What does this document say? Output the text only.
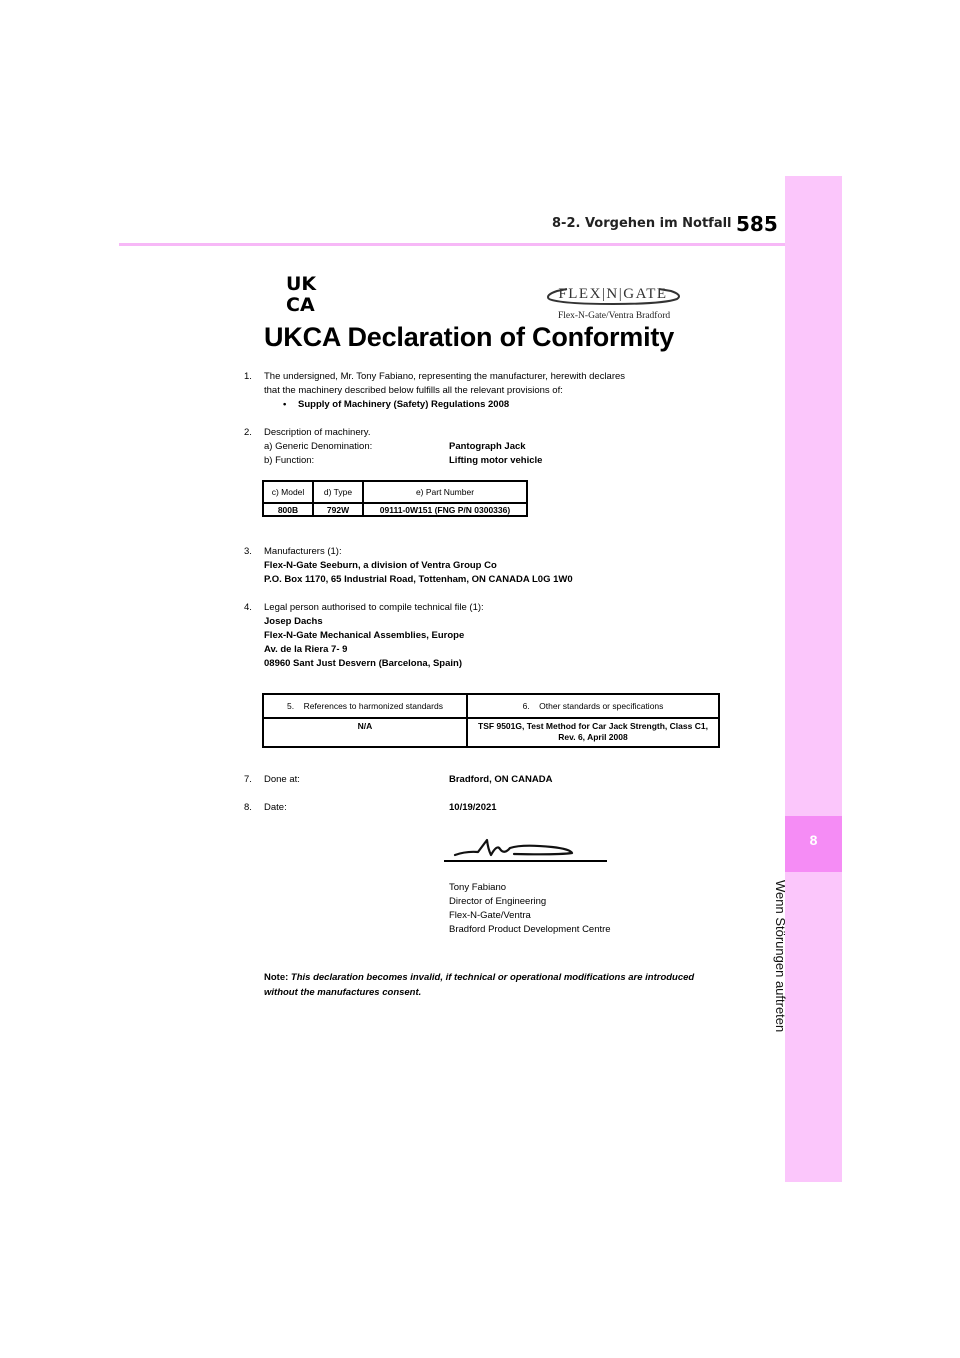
8-2. Vorgehen im Notfall 585
8
Wenn Störungen auftreten
UK
CA	FLEX|N|GATE
Flex-N-Gate/Ventra Bradford
UKCA Declaration of Conformity
1.	The undersigned, Mr. Tony Fabiano, representing the manufacturer, herewith declares
that the machinery described below fulfills all the relevant provisions of:
• Supply of Machinery (Safety) Regulations 2008
2.	Description of machinery.
a) Generic Denomination:	Pantograph Jack
b) Function:	Lifting motor vehicle
c) Model	d) Type	e) Part Number
800B	792W	09111-0W151 (FNG P/N 0300336)
3.	Manufacturers (1):
Flex-N-Gate Seeburn, a division of Ventra Group Co
P.O. Box 1170, 65 Industrial Road, Tottenham, ON CANADA L0G 1W0
4.	Legal person authorised to compile technical file (1):
Josep Dachs
Flex-N-Gate Mechanical Assemblies, Europe
Av. de la Riera 7- 9
08960 Sant Just Desvern (Barcelona, Spain)
5. References to harmonized standards	6. Other standards or specifications
N/A	TSF 9501G, Test Method for Car Jack Strength, Class C1,
Rev. 6, April 2008
7.	Done at:	Bradford, ON CANADA
8.	Date:	10/19/2021
Tony Fabiano
Director of Engineering
Flex-N-Gate/Ventra
Bradford Product Development Centre
Note: This declaration becomes invalid, if technical or operational modifications are introduced
without the manufactures consent.
